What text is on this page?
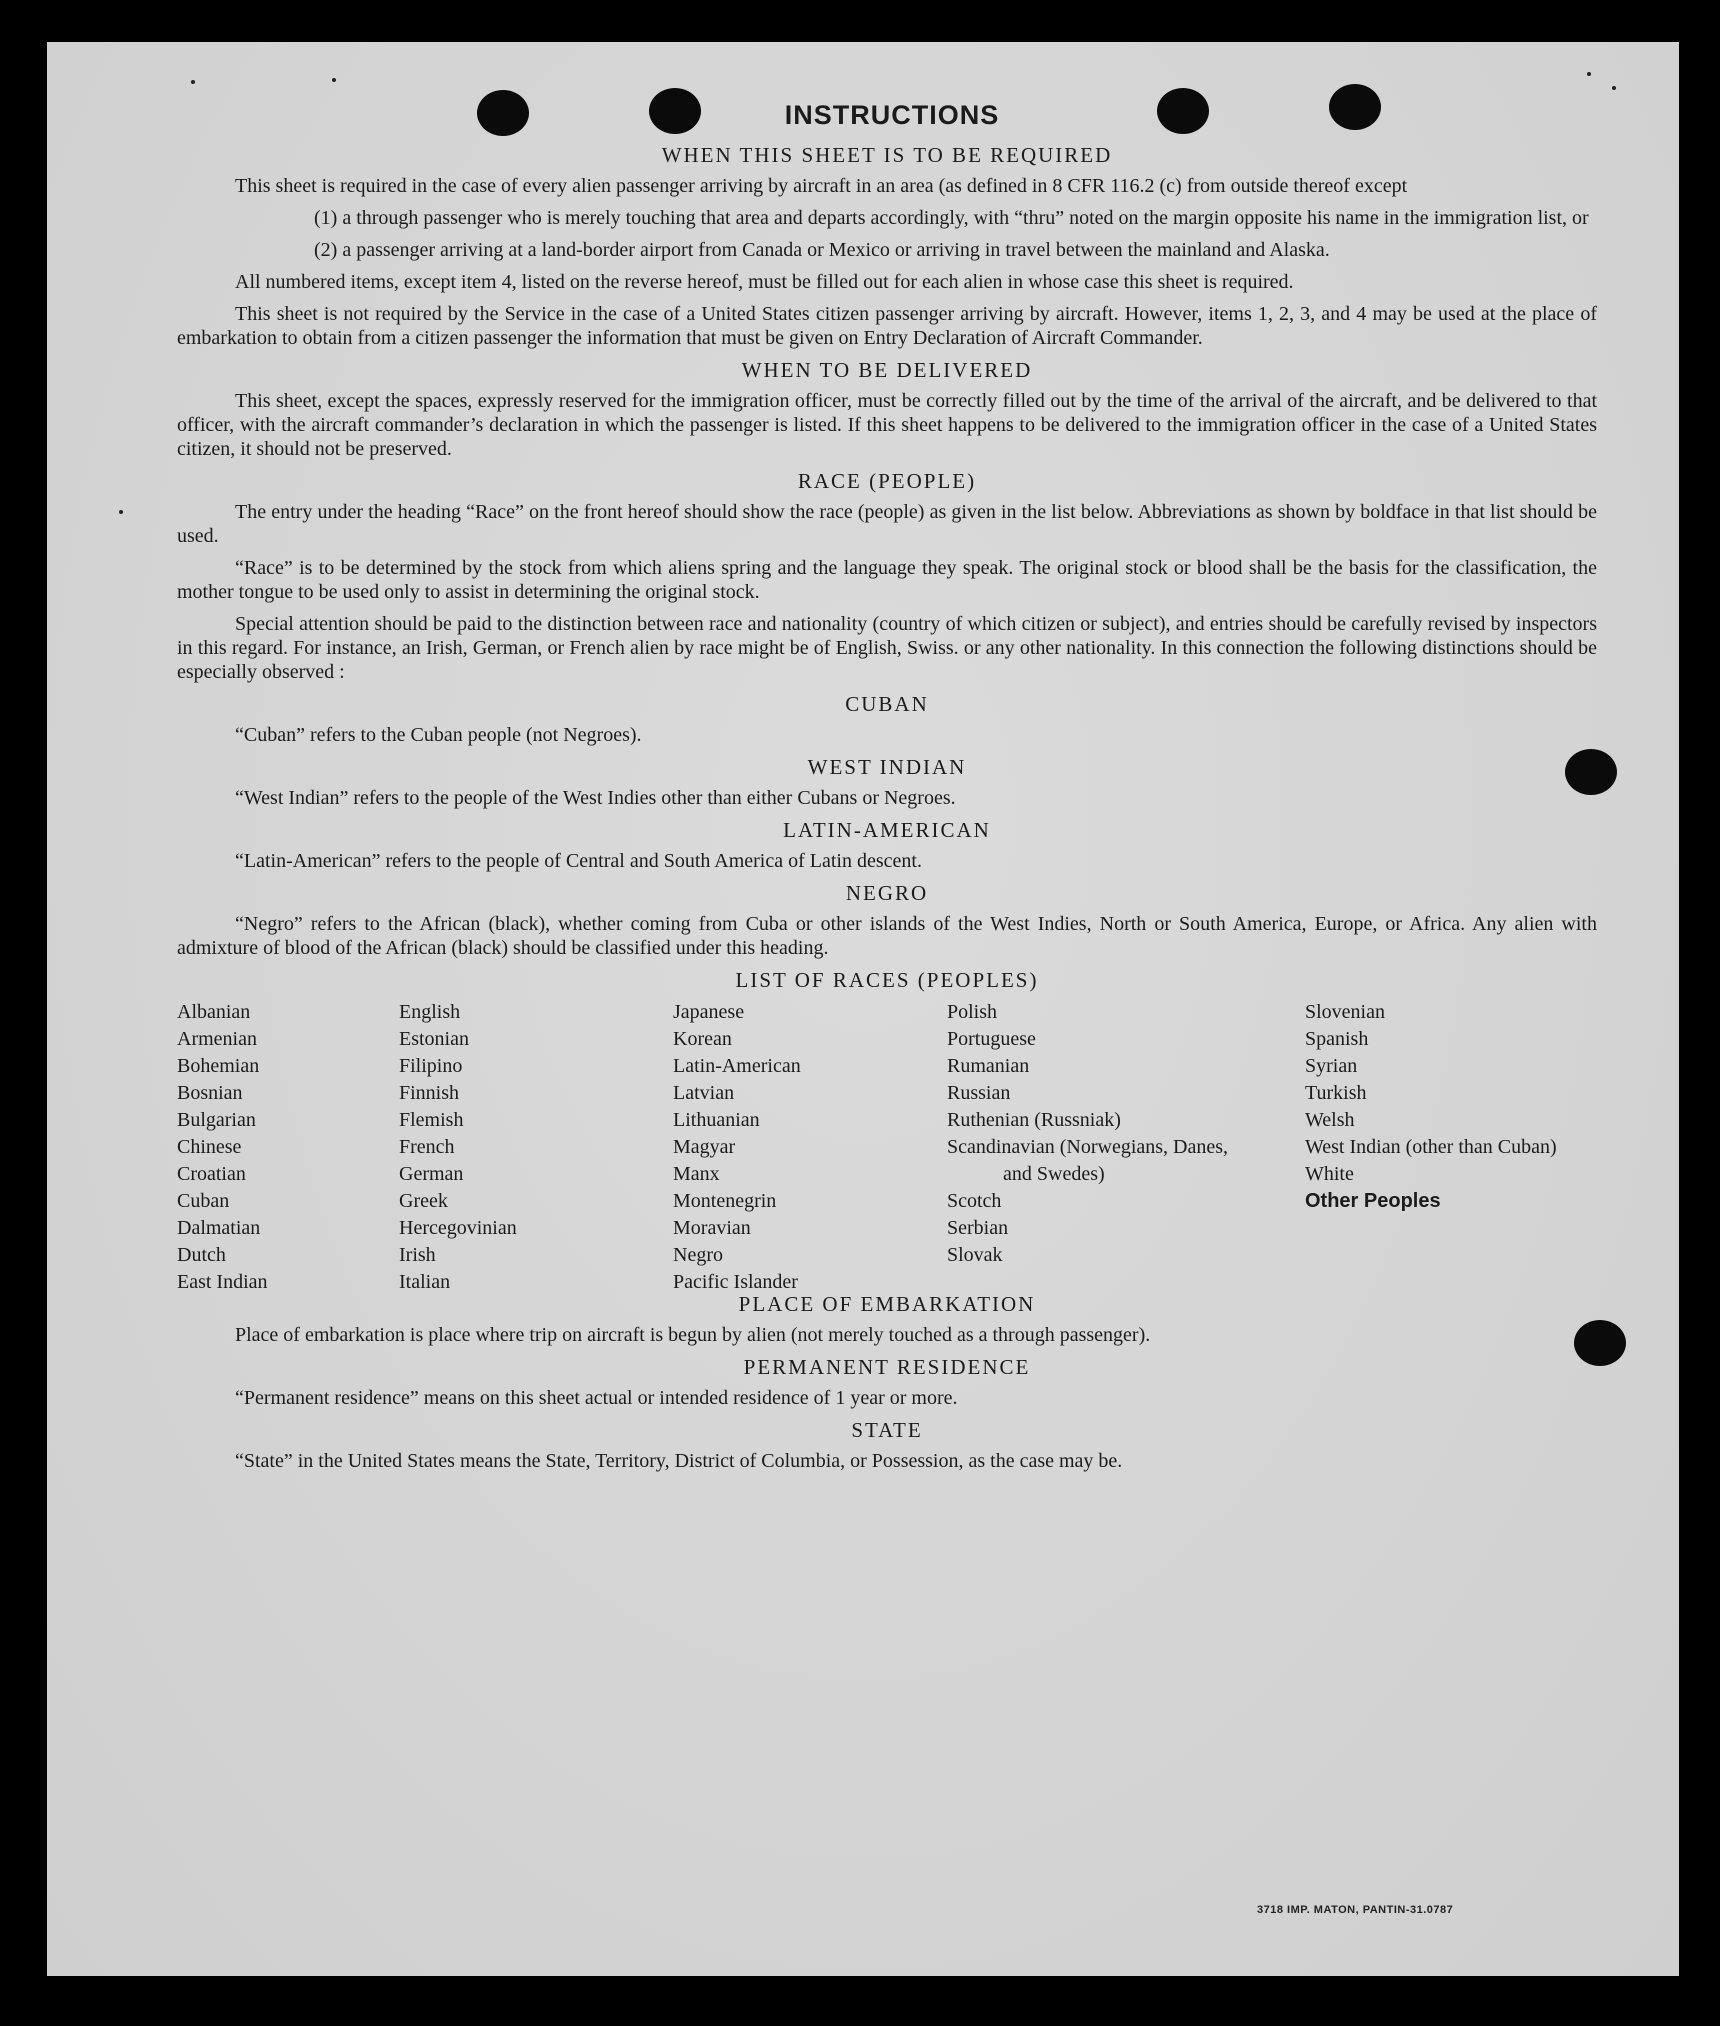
INSTRUCTIONS
WHEN THIS SHEET IS TO BE REQUIRED

This sheet is required in the case of every alien passenger arriving by aircraft in an area (as defined in 8 CFR 116.2 (c) from outside thereof except

(1) a through passenger who is merely touching that area and departs accordingly, with “thru” noted on the margin opposite his name in the immigration list, or

(2) a passenger arriving at a land-border airport from Canada or Mexico or arriving in travel between the mainland and Alaska.

All numbered items, except item 4, listed on the reverse hereof, must be filled out for each alien in whose case this sheet is required.

This sheet is not required by the Service in the case of a United States citizen passenger arriving by aircraft. However, items 1, 2, 3, and 4 may be used at the place of embarkation to obtain from a citizen passenger the information that must be given on Entry Declaration of Aircraft Commander.

WHEN TO BE DELIVERED

This sheet, except the spaces, expressly reserved for the immigration officer, must be correctly filled out by the time of the arrival of the aircraft, and be delivered to that officer, with the aircraft commander’s declaration in which the passenger is listed. If this sheet happens to be delivered to the immigration officer in the case of a United States citizen, it should not be preserved.

RACE (PEOPLE)

The entry under the heading “Race” on the front hereof should show the race (people) as given in the list below. Abbreviations as shown by boldface in that list should be used.

“Race” is to be determined by the stock from which aliens spring and the language they speak. The original stock or blood shall be the basis for the classification, the mother tongue to be used only to assist in determining the original stock.

Special attention should be paid to the distinction between race and nationality (country of which citizen or subject), and entries should be carefully revised by inspectors in this regard. For instance, an Irish, German, or French alien by race might be of English, Swiss. or any other nationality. In this connection the following distinctions should be especially observed :

CUBAN

“Cuban” refers to the Cuban people (not Negroes).

WEST INDIAN

“West Indian” refers to the people of the West Indies other than either Cubans or Negroes.

LATIN-AMERICAN

“Latin-American” refers to the people of Central and South America of Latin descent.

NEGRO

“Negro” refers to the African (black), whether coming from Cuba or other islands of the West Indies, North or South America, Europe, or Africa. Any alien with admixture of blood of the African (black) should be classified under this heading.

LIST OF RACES (PEOPLES)
Albanian
Armenian
Bohemian
Bosnian
Bulgarian
Chinese
Croatian
Cuban
Dalmatian
Dutch
East Indian
English
Estonian
Filipino
Finnish
Flemish
French
German
Greek
Hercegovinian
Irish
Italian
Japanese
Korean
Latin-American
Latvian
Lithuanian
Magyar
Manx
Montenegrin
Moravian
Negro
Pacific Islander
Polish
Portuguese
Rumanian
Russian
Ruthenian (Russniak)
Scandinavian (Norwegians, Danes, and Swedes)
Scotch
Serbian
Slovak
Slovenian
Spanish
Syrian
Turkish
Welsh
West Indian (other than Cuban)
White
Other Peoples
PLACE OF EMBARKATION

Place of embarkation is place where trip on aircraft is begun by alien (not merely touched as a through passenger).

PERMANENT RESIDENCE

“Permanent residence” means on this sheet actual or intended residence of 1 year or more.

STATE

“State” in the United States means the State, Territory, District of Columbia, or Possession, as the case may be.

3718 IMP. MATON, PANTIN-31.0787
